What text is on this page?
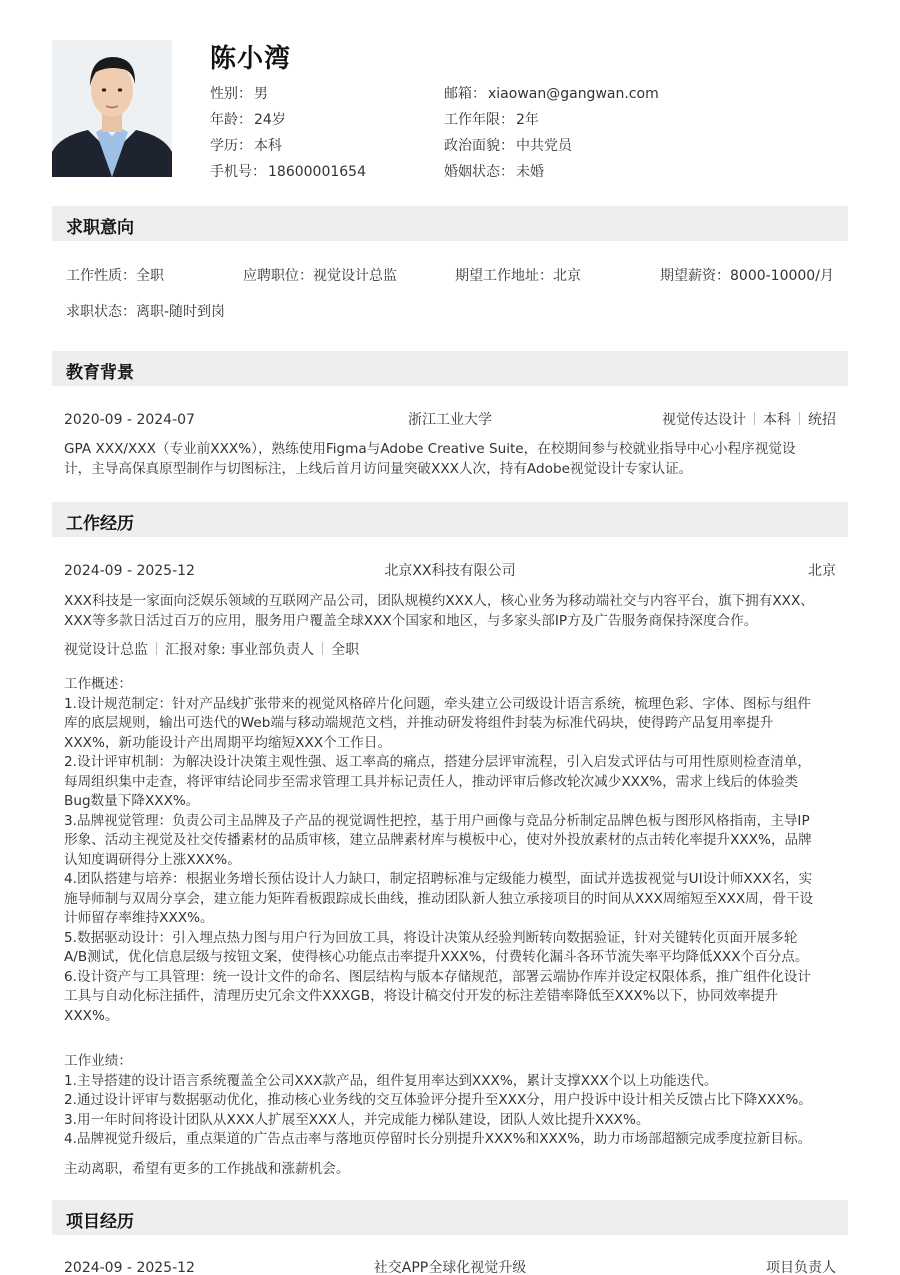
陈小湾
性别： 男	邮箱： xiaowan@gangwan.com
年龄： 24岁	工作年限： 2年
学历： 本科	政治面貌： 中共党员
手机号： 18600001654	婚姻状态： 未婚
求职意向
工作性质：全职	应聘职位：视觉设计总监	期望工作地址：北京	期望薪资：8000-10000/月
求职状态：离职-随时到岗
教育背景
2020-09 - 2024-07	浙江工业大学	视觉传达设计 本科 统招
GPA XXX/XXX（专业前XXX%），熟练使用Figma与Adobe Creative Suite，在校期间参与校就业指导中心小程序视觉设
计，主导高保真原型制作与切图标注，上线后首月访问量突破XXX人次，持有Adobe视觉设计专家认证。
工作经历
2024-09 - 2025-12	北京XX科技有限公司	北京
XXX科技是一家面向泛娱乐领域的互联网产品公司，团队规模约XXX人，核心业务为移动端社交与内容平台，旗下拥有XXX、
XXX等多款日活过百万的应用，服务用户覆盖全球XXX个国家和地区，与多家头部IP方及广告服务商保持深度合作。
视觉设计总监 汇报对象: 事业部负责人 全职
工作概述：
1.设计规范制定：针对产品线扩张带来的视觉风格碎片化问题，牵头建立公司级设计语言系统，梳理色彩、字体、图标与组件
库的底层规则，输出可迭代的Web端与移动端规范文档，并推动研发将组件封装为标准代码块，使得跨产品复用率提升
XXX%，新功能设计产出周期平均缩短XXX个工作日。
2.设计评审机制：为解决设计决策主观性强、返工率高的痛点，搭建分层评审流程，引入启发式评估与可用性原则检查清单，
每周组织集中走查，将评审结论同步至需求管理工具并标记责任人，推动评审后修改轮次减少XXX%，需求上线后的体验类
Bug数量下降XXX%。
3.品牌视觉管理：负责公司主品牌及子产品的视觉调性把控，基于用户画像与竞品分析制定品牌色板与图形风格指南，主导IP
形象、活动主视觉及社交传播素材的品质审核，建立品牌素材库与模板中心，使对外投放素材的点击转化率提升XXX%，品牌
认知度调研得分上涨XXX%。
4.团队搭建与培养：根据业务增长预估设计人力缺口，制定招聘标准与定级能力模型，面试并选拔视觉与UI设计师XXX名，实
施导师制与双周分享会，建立能力矩阵看板跟踪成长曲线，推动团队新人独立承接项目的时间从XXX周缩短至XXX周，骨干设
计师留存率维持XXX%。
5.数据驱动设计：引入埋点热力图与用户行为回放工具，将设计决策从经验判断转向数据验证，针对关键转化页面开展多轮
A/B测试，优化信息层级与按钮文案，使得核心功能点击率提升XXX%，付费转化漏斗各环节流失率平均降低XXX个百分点。
6.设计资产与工具管理：统一设计文件的命名、图层结构与版本存储规范，部署云端协作库并设定权限体系，推广组件化设计
工具与自动化标注插件，清理历史冗余文件XXXGB，将设计稿交付开发的标注差错率降低至XXX%以下，协同效率提升
XXX%。
工作业绩：
1.主导搭建的设计语言系统覆盖全公司XXX款产品，组件复用率达到XXX%，累计支撑XXX个以上功能迭代。
2.通过设计评审与数据驱动优化，推动核心业务线的交互体验评分提升至XXX分，用户投诉中设计相关反馈占比下降XXX%。
3.用一年时间将设计团队从XXX人扩展至XXX人，并完成能力梯队建设，团队人效比提升XXX%。
4.品牌视觉升级后，重点渠道的广告点击率与落地页停留时长分别提升XXX%和XXX%，助力市场部超额完成季度拉新目标。
主动离职，希望有更多的工作挑战和涨薪机会。
项目经历
2024-09 - 2025-12	社交APP全球化视觉升级	项目负责人
